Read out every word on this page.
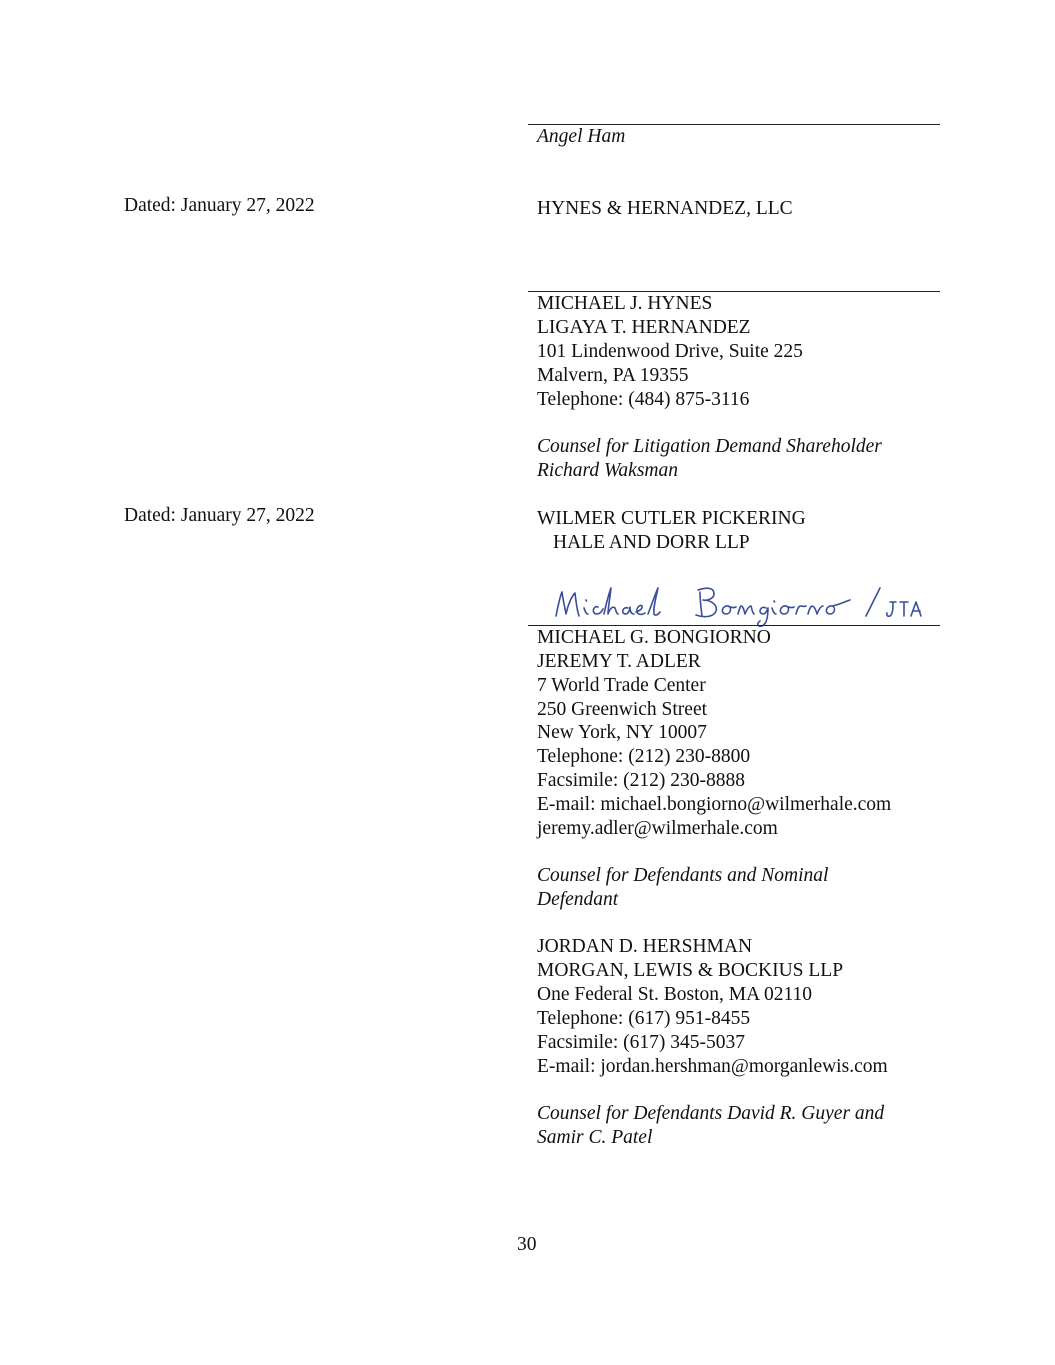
Angel Ham
Dated: January 27, 2022	HYNES & HERNANDEZ, LLC
MICHAEL J. HYNES
LIGAYA T. HERNANDEZ
101 Lindenwood Drive, Suite 225
Malvern, PA 19355
Telephone: (484) 875-3116
Counsel for Litigation Demand Shareholder
Richard Waksman
Dated: January 27, 2022	WILMER CUTLER PICKERING
HALE AND DORR LLP
MICHAEL G. BONGIORNO
JEREMY T. ADLER
7 World Trade Center
250 Greenwich Street
New York, NY 10007
Telephone: (212) 230-8800
Facsimile: (212) 230-8888
E-mail: michael.bongiorno@wilmerhale.com
jeremy.adler@wilmerhale.com
Counsel for Defendants and Nominal
Defendant
JORDAN D. HERSHMAN
MORGAN, LEWIS & BOCKIUS LLP
One Federal St. Boston, MA 02110
Telephone: (617) 951-8455
Facsimile: (617) 345-5037
E-mail: jordan.hershman@morganlewis.com
Counsel for Defendants David R. Guyer and
Samir C. Patel
30
